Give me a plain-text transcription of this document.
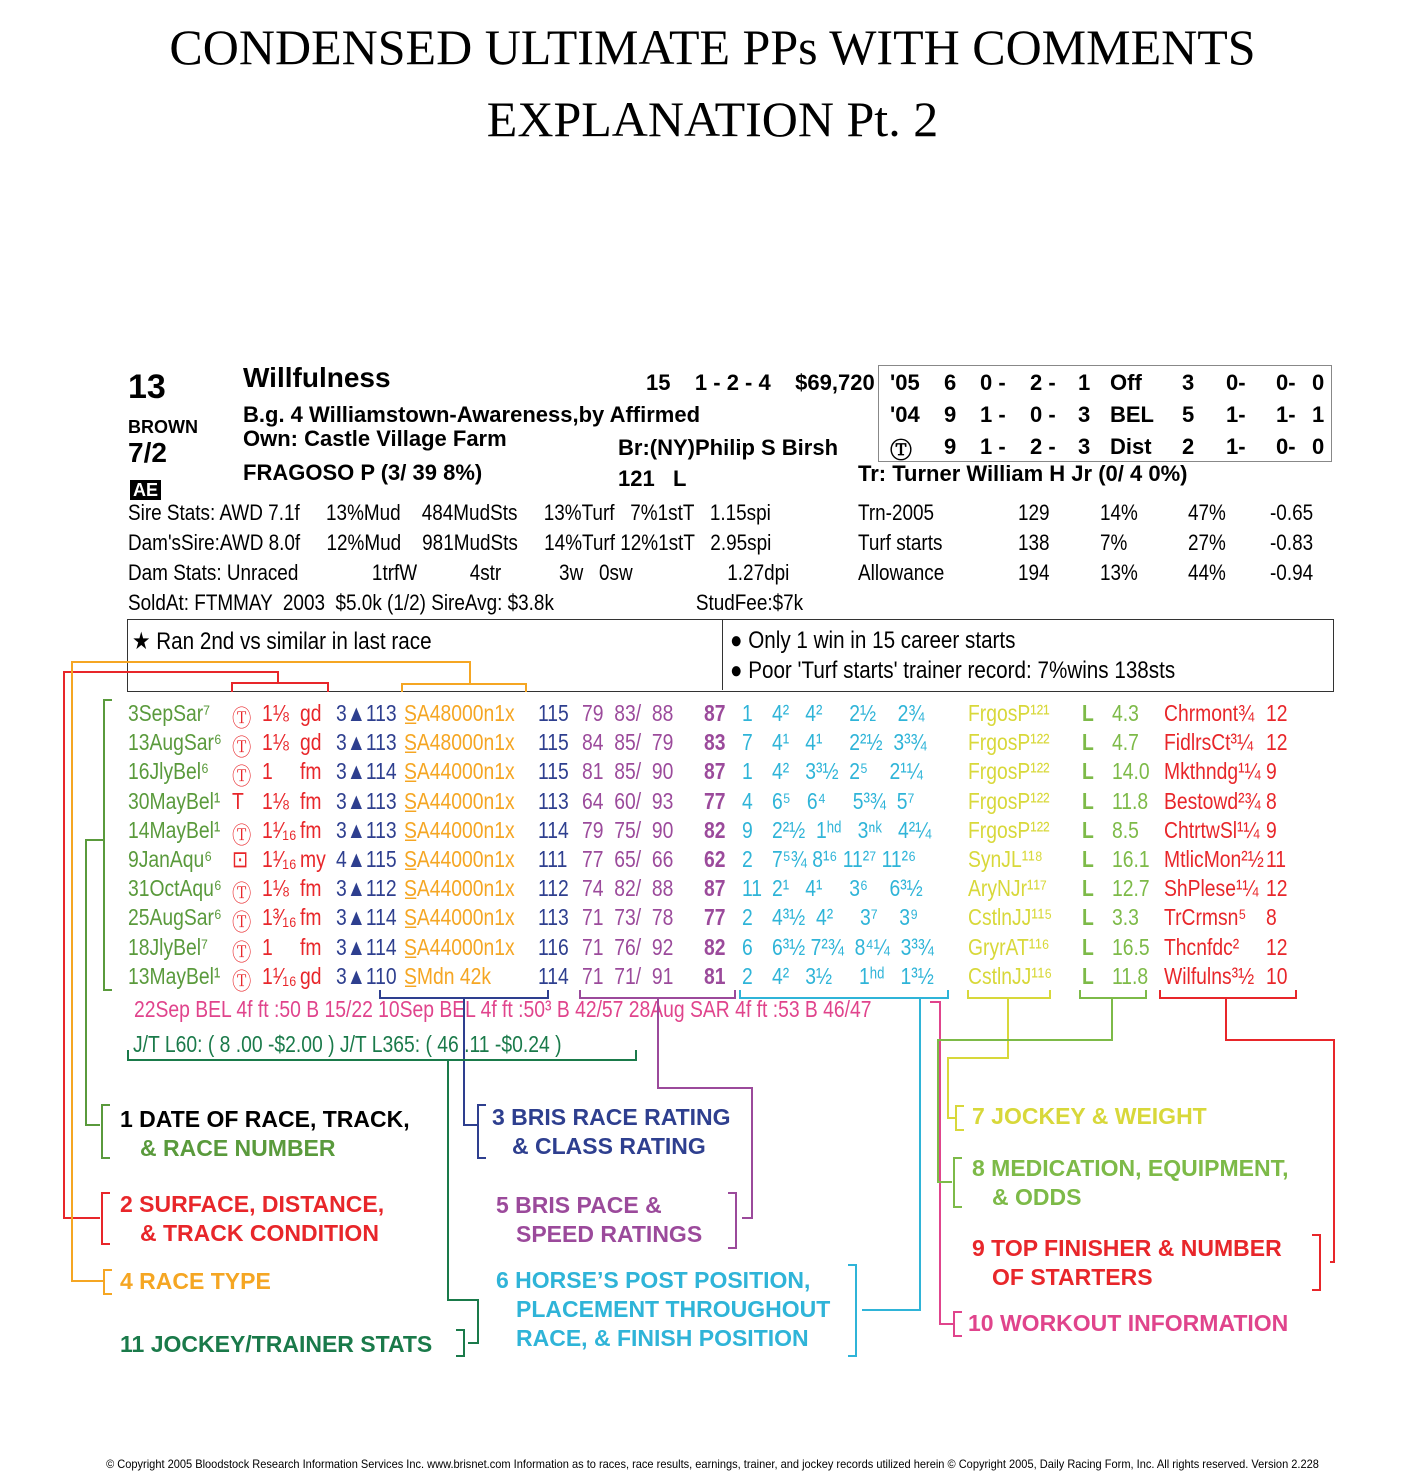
CONDENSED ULTIMATE PPs WITH COMMENTS
EXPLANATION Pt. 2
13
BROWN
7/2
AE
Willfulness
B.g. 4 Williamstown-Awareness,by Affirmed
Own: Castle Village Farm
FRAGOSO P (3/ 39 8%)
15    1 - 2 - 4    $69,720
Br:(NY)Philip S Birsh
121   L	Tr: Turner William H Jr (0/ 4 0%)
'05 6 0 - 2 - 1 Off 3 0- 0- 0
'04 9 1 - 0 - 3 BEL 5 1- 1- 1
Ⓣ 9 1 - 2 - 3 Dist 2 1- 0- 0
Sire Stats: AWD 7.1f     13%Mud    484MudSts     13%Turf   7%1stT   1.15spi
Dam'sSire:AWD 8.0f     12%Mud    981MudSts     14%Turf 12%1stT   2.95spi
Dam Stats: Unraced              1trfW          4str           3w   0sw                  1.27dpi
SoldAt: FTMMAY  2003  $5.0k (1/2) SireAvg: $3.8k                           StudFee:$7k
Trn-2005	129 14% 47% -0.65
Turf starts	138 7%	27% -0.83
Allowance	194 13% 44% -0.94
★ Ran 2nd vs similar in last race	● Only 1 win in 15 career starts
● Poor 'Turf starts' trainer record: 7%wins 138sts
3SepSar⁷ Ⓣ 1⅛ gd 3▲113 S̲A48000n1x 115 79  83/  88 87 1 4²   4²     2½    2¾ FrgosP¹²¹ L 4.3 Chrmont¾ 12
13AugSar⁶ Ⓣ 1⅛ gd 3▲113 S̲A48000n1x 115 84  85/  79 83 7 4¹   4¹     2²½  3³¾ FrgosP¹²² L 4.7 FidlrsCt³¼ 12
16JlyBel⁶ Ⓣ 1 fm 3▲114 S̲A44000n1x 115 81  85/  90 87 1 4²   3³½  2⁵    2¹¼ FrgosP¹²² L 14.0 Mkthndg¹¼ 9
30MayBel¹ T 1⅛ fm 3▲113 S̲A44000n1x 113 64  60/  93 77 4 6⁵   6⁴     5³¾  5⁷ FrgosP¹²² L 11.8 Bestowd²¾ 8
14MayBel¹ Ⓣ 1¹⁄₁₆ fm 3▲113 S̲A44000n1x 114 79  75/  90 82 9 2²½  1ʰᵈ   3ⁿᵏ   4²¼ FrgosP¹²² L 8.5 ChtrtwSl¹¼ 9
9JanAqu⁶ ⊡ 1¹⁄₁₆ my 4▲115 S̲A44000n1x 111 77  65/  66 62 2 7⁵¾ 8¹⁶ 11²⁷ 11²⁶ SynJL¹¹⁸ L 16.1 MtlicMon²½ 11
31OctAqu⁶ Ⓣ 1⅛ fm 3▲112 S̲A44000n1x 112 74  82/  88 87 11 2¹   4¹     3⁶    6³½ AryNJr¹¹⁷ L 12.7 ShPlese¹¼ 12
25AugSar⁶ Ⓣ 1³⁄₁₆ fm 3▲114 S̲A44000n1x 113 71  73/  78 77 2 4³½  4²     3⁷    3⁹ CstlnJJ¹¹⁵ L 3.3 TrCrmsn⁵ 8
18JlyBel⁷ Ⓣ 1 fm 3▲114 S̲A44000n1x 116 71  76/  92 82 6 6³½ 7²¾  8⁴¼  3³¾ GryrAT¹¹⁶ L 16.5 Thcnfdc² 12
13MayBel¹ Ⓣ 1¹⁄₁₆ gd 3▲110 S̲Mdn 42k 114 71  71/  91 81 2 4²   3½     1ʰᵈ   1³½ CstlnJJ¹¹⁶ L 11.8 Wilfulns³½ 10
22Sep BEL 4f ft :50 B 15/22 10Sep BEL 4f ft :50³ B 42/57 28Aug SAR 4f ft :53 B 46/47
J/T L60: ( 8 .00 -$2.00 ) J/T L365: ( 46 .11 -$0.24 )
1 DATE OF RACE, TRACK,
& RACE NUMBER
2 SURFACE, DISTANCE,
& TRACK CONDITION
4 RACE TYPE
11 JOCKEY/TRAINER STATS
3 BRIS RACE RATING
& CLASS RATING
5 BRIS PACE &
SPEED RATINGS
6 HORSE’S POST POSITION,
PLACEMENT THROUGHOUT
RACE, & FINISH POSITION
7 JOCKEY & WEIGHT
8 MEDICATION, EQUIPMENT,
& ODDS
9 TOP FINISHER & NUMBER
OF STARTERS
10 WORKOUT INFORMATION
© Copyright 2005 Bloodstock Research Information Services Inc. www.brisnet.com Information as to races, race results, earnings, trainer, and jockey records utilized herein © Copyright 2005, Daily Racing Form, Inc. All rights reserved. Version 2.228
